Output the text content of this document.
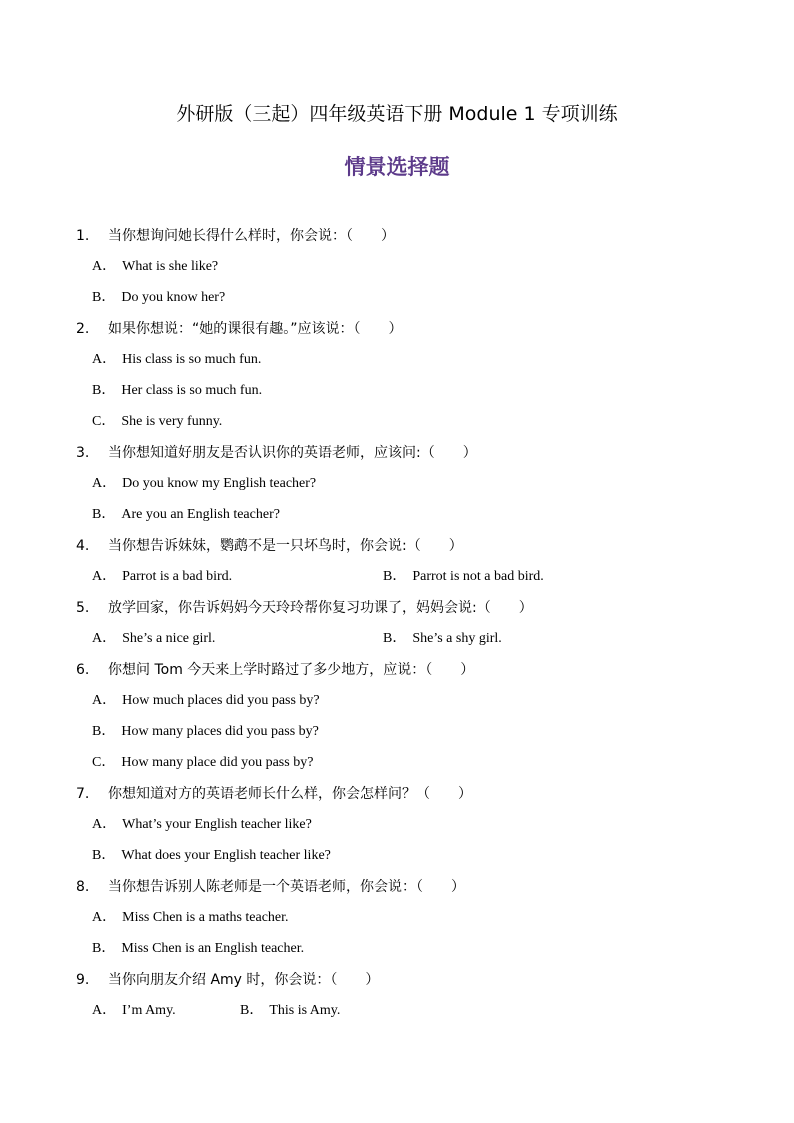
外研版（三起）四年级英语下册 Module 1 专项训练
情景选择题
1.	当你想询问她长得什么样时，你会说：（　　）
A． What is she like?
B． Do you know her?
2.	如果你想说：“她的课很有趣。”应该说：（　　）
A． His class is so much fun.
B． Her class is so much fun.
C． She is very funny.
3.	当你想知道好朋友是否认识你的英语老师，应该问:（　　）
A． Do you know my English teacher?
B． Are you an English teacher?
4.	当你想告诉妹妹，鹦鹉不是一只坏鸟时，你会说:（　　）
A． Parrot is a bad bird.	B． Parrot is not a bad bird.
5.	放学回家，你告诉妈妈今天玲玲帮你复习功课了，妈妈会说:（　　）
A． She’s a nice girl.	B． She’s a shy girl.
6.	你想问 Tom 今天来上学时路过了多少地方，应说：（　　）
A． How much places did you pass by?
B． How many places did you pass by?
C． How many place did you pass by?
7.	你想知道对方的英语老师长什么样，你会怎样问？（　　）
A． What’s your English teacher like?
B． What does your English teacher like?
8.	当你想告诉别人陈老师是一个英语老师，你会说：（　　）
A． Miss Chen is a maths teacher.
B． Miss Chen is an English teacher.
9.	当你向朋友介绍 Amy 时，你会说：（　　）
A． I’m Amy.	B． This is Amy.
